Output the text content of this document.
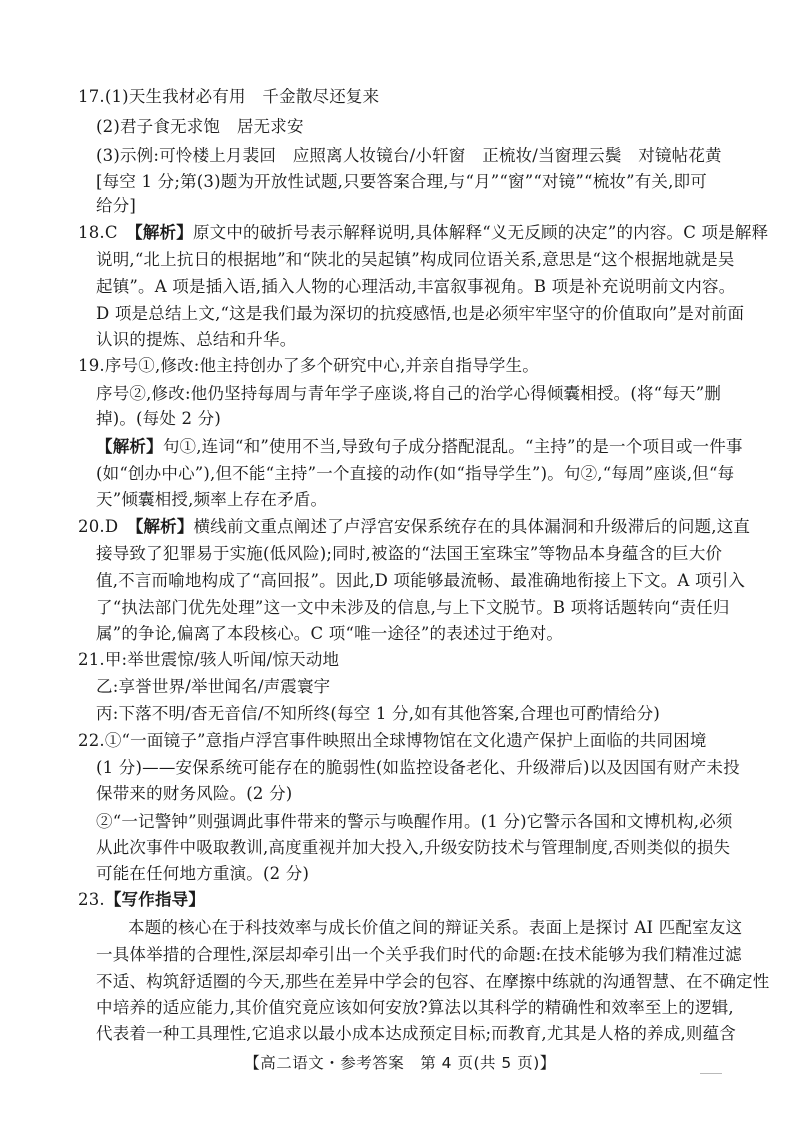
17.(1)天生我材必有用　千金散尽还复来
(2)君子食无求饱　居无求安
(3)示例:可怜楼上月裴回　应照离人妆镜台/小轩窗　正梳妆/当窗理云鬓　对镜帖花黄
[每空 1 分;第(3)题为开放性试题,只要答案合理,与“月”“窗”“对镜”“梳妆”有关,即可
给分]
18.C　【解析】原文中的破折号表示解释说明,具体解释“义无反顾的决定”的内容。C 项是解释
说明,“北上抗日的根据地”和“陕北的吴起镇”构成同位语关系,意思是“这个根据地就是吴
起镇”。A 项是插入语,插入人物的心理活动,丰富叙事视角。B 项是补充说明前文内容。
D 项是总结上文,“这是我们最为深切的抗疫感悟,也是必须牢牢坚守的价值取向”是对前面
认识的提炼、总结和升华。
19.序号①,修改:他主持创办了多个研究中心,并亲自指导学生。
序号②,修改:他仍坚持每周与青年学子座谈,将自己的治学心得倾囊相授。(将“每天”删
掉)。(每处 2 分)
【解析】句①,连词“和”使用不当,导致句子成分搭配混乱。“主持”的是一个项目或一件事
(如“创办中心”),但不能“主持”一个直接的动作(如“指导学生”)。句②,“每周”座谈,但“每
天”倾囊相授,频率上存在矛盾。
20.D　【解析】横线前文重点阐述了卢浮宫安保系统存在的具体漏洞和升级滞后的问题,这直
接导致了犯罪易于实施(低风险);同时,被盗的“法国王室珠宝”等物品本身蕴含的巨大价
值,不言而喻地构成了“高回报”。因此,D 项能够最流畅、最准确地衔接上下文。A 项引入
了“执法部门优先处理”这一文中未涉及的信息,与上下文脱节。B 项将话题转向“责任归
属”的争论,偏离了本段核心。C 项“唯一途径”的表述过于绝对。
21.甲:举世震惊/骇人听闻/惊天动地
乙:享誉世界/举世闻名/声震寰宇
丙:下落不明/杳无音信/不知所终(每空 1 分,如有其他答案,合理也可酌情给分)
22.①“一面镜子”意指卢浮宫事件映照出全球博物馆在文化遗产保护上面临的共同困境
(1 分)——安保系统可能存在的脆弱性(如监控设备老化、升级滞后)以及因国有财产未投
保带来的财务风险。(2 分)
②“一记警钟”则强调此事件带来的警示与唤醒作用。(1 分)它警示各国和文博机构,必须
从此次事件中吸取教训,高度重视并加大投入,升级安防技术与管理制度,否则类似的损失
可能在任何地方重演。(2 分)
23.【写作指导】
本题的核心在于科技效率与成长价值之间的辩证关系。表面上是探讨 AI 匹配室友这
一具体举措的合理性,深层却牵引出一个关乎我们时代的命题:在技术能够为我们精准过滤
不适、构筑舒适圈的今天,那些在差异中学会的包容、在摩擦中练就的沟通智慧、在不确定性
中培养的适应能力,其价值究竟应该如何安放?算法以其科学的精确性和效率至上的逻辑,
代表着一种工具理性,它追求以最小成本达成预定目标;而教育,尤其是人格的养成,则蕴含
【高二语文・参考答案　第 4 页(共 5 页)】
